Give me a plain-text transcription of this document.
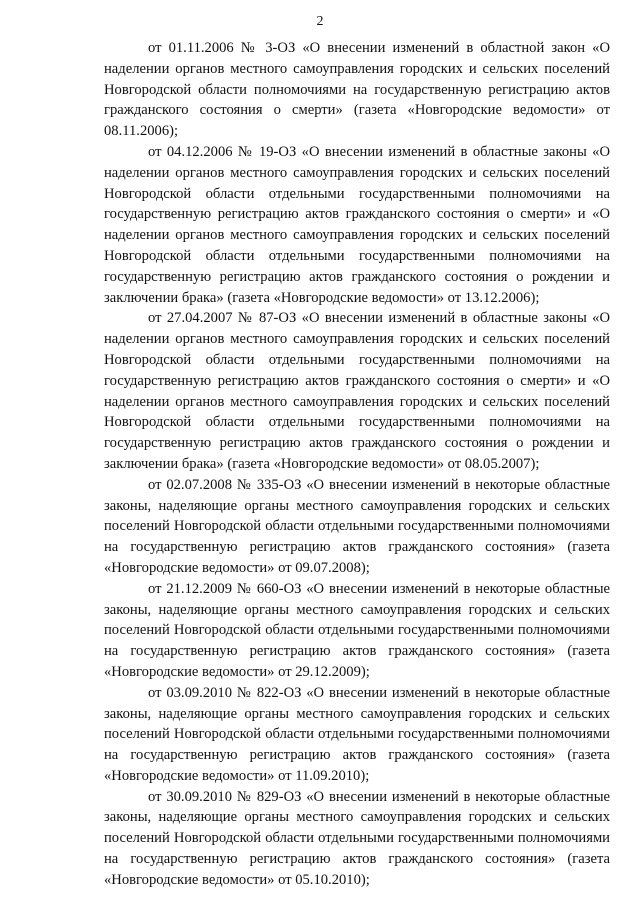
2

от 01.11.2006 № 3-ОЗ «О внесении изменений в областной закон «О наделении органов местного самоуправления городских и сельских поселений Новгородской области полномочиями на государственную регистрацию актов гражданского состояния о смерти» (газета «Новгородские ведомости» от 08.11.2006);

от 04.12.2006 № 19-ОЗ «О внесении изменений в областные законы «О наделении органов местного самоуправления городских и сельских поселений Новгородской области отдельными государственными полномочиями на государственную регистрацию актов гражданского состояния о смерти» и «О наделении органов местного самоуправления городских и сельских поселений Новгородской области отдельными государственными полномочиями на государственную регистрацию актов гражданского состояния о рождении и заключении брака» (газета «Новгородские ведомости» от 13.12.2006);

от 27.04.2007 № 87-ОЗ «О внесении изменений в областные законы «О наделении органов местного самоуправления городских и сельских поселений Новгородской области отдельными государственными полномочиями на государственную регистрацию актов гражданского состояния о смерти» и «О наделении органов местного самоуправления городских и сельских поселений Новгородской области отдельными государственными полномочиями на государственную регистрацию актов гражданского состояния о рождении и заключении брака» (газета «Новгородские ведомости» от 08.05.2007);

от 02.07.2008 № 335-ОЗ «О внесении изменений в некоторые областные законы, наделяющие органы местного самоуправления городских и сельских поселений Новгородской области отдельными государственными полномочиями на государственную регистрацию актов гражданского состояния» (газета «Новгородские ведомости» от 09.07.2008);

от 21.12.2009 № 660-ОЗ «О внесении изменений в некоторые областные законы, наделяющие органы местного самоуправления городских и сельских поселений Новгородской области отдельными государственными полномочиями на государственную регистрацию актов гражданского состояния» (газета «Новгородские ведомости» от 29.12.2009);

от 03.09.2010 № 822-ОЗ «О внесении изменений в некоторые областные законы, наделяющие органы местного самоуправления городских и сельских поселений Новгородской области отдельными государственными полномочиями на государственную регистрацию актов гражданского состояния» (газета «Новгородские ведомости» от 11.09.2010);

от 30.09.2010 № 829-ОЗ «О внесении изменений в некоторые областные законы, наделяющие органы местного самоуправления городских и сельских поселений Новгородской области отдельными государственными полномочиями на государственную регистрацию актов гражданского состояния» (газета «Новгородские ведомости» от 05.10.2010);
